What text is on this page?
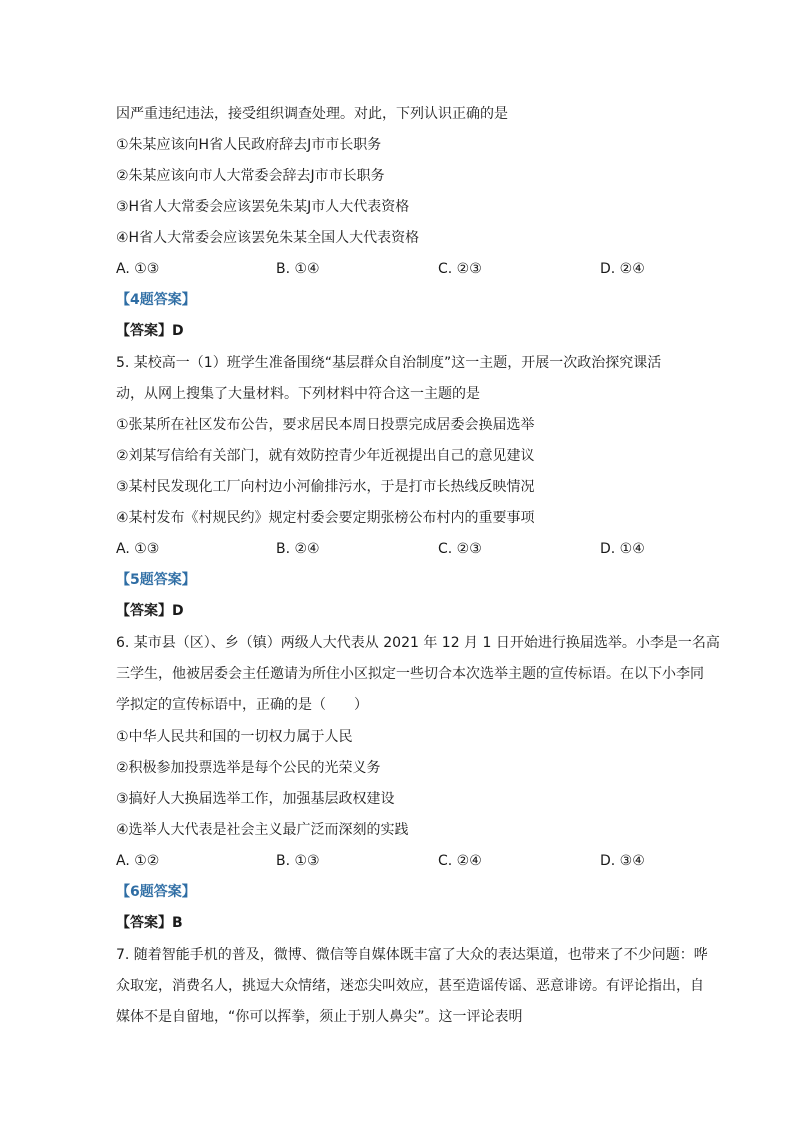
因严重违纪违法，接受组织调查处理。对此，下列认识正确的是
①朱某应该向H省人民政府辞去J市市长职务
②朱某应该向市人大常委会辞去J市市长职务
③H省人大常委会应该罢免朱某J市人大代表资格
④H省人大常委会应该罢免朱某全国人大代表资格
A. ①③	B. ①④	C. ②③	D. ②④
【4题答案】
【答案】D
5. 某校高一（1）班学生准备围绕“基层群众自治制度”这一主题，开展一次政治探究课活
动，从网上搜集了大量材料。下列材料中符合这一主题的是
①张某所在社区发布公告，要求居民本周日投票完成居委会换届选举
②刘某写信给有关部门，就有效防控青少年近视提出自己的意见建议
③某村民发现化工厂向村边小河偷排污水，于是打市长热线反映情况
④某村发布《村规民约》规定村委会要定期张榜公布村内的重要事项
A. ①③	B. ②④	C. ②③	D. ①④
【5题答案】
【答案】D
6. 某市县（区）、乡（镇）两级人大代表从 2021 年 12 月 1 日开始进行换届选举。小李是一名高
三学生，他被居委会主任邀请为所住小区拟定一些切合本次选举主题的宣传标语。在以下小李同
学拟定的宣传标语中，正确的是（　　）
①中华人民共和国的一切权力属于人民
②积极参加投票选举是每个公民的光荣义务
③搞好人大换届选举工作，加强基层政权建设
④选举人大代表是社会主义最广泛而深刻的实践
A. ①②	B. ①③	C. ②④	D. ③④
【6题答案】
【答案】B
7. 随着智能手机的普及，微博、微信等自媒体既丰富了大众的表达渠道，也带来了不少问题：哗
众取宠，消费名人，挑逗大众情绪，迷恋尖叫效应，甚至造谣传谣、恶意诽谤。有评论指出，自
媒体不是自留地，“你可以挥拳，须止于别人鼻尖”。这一评论表明
